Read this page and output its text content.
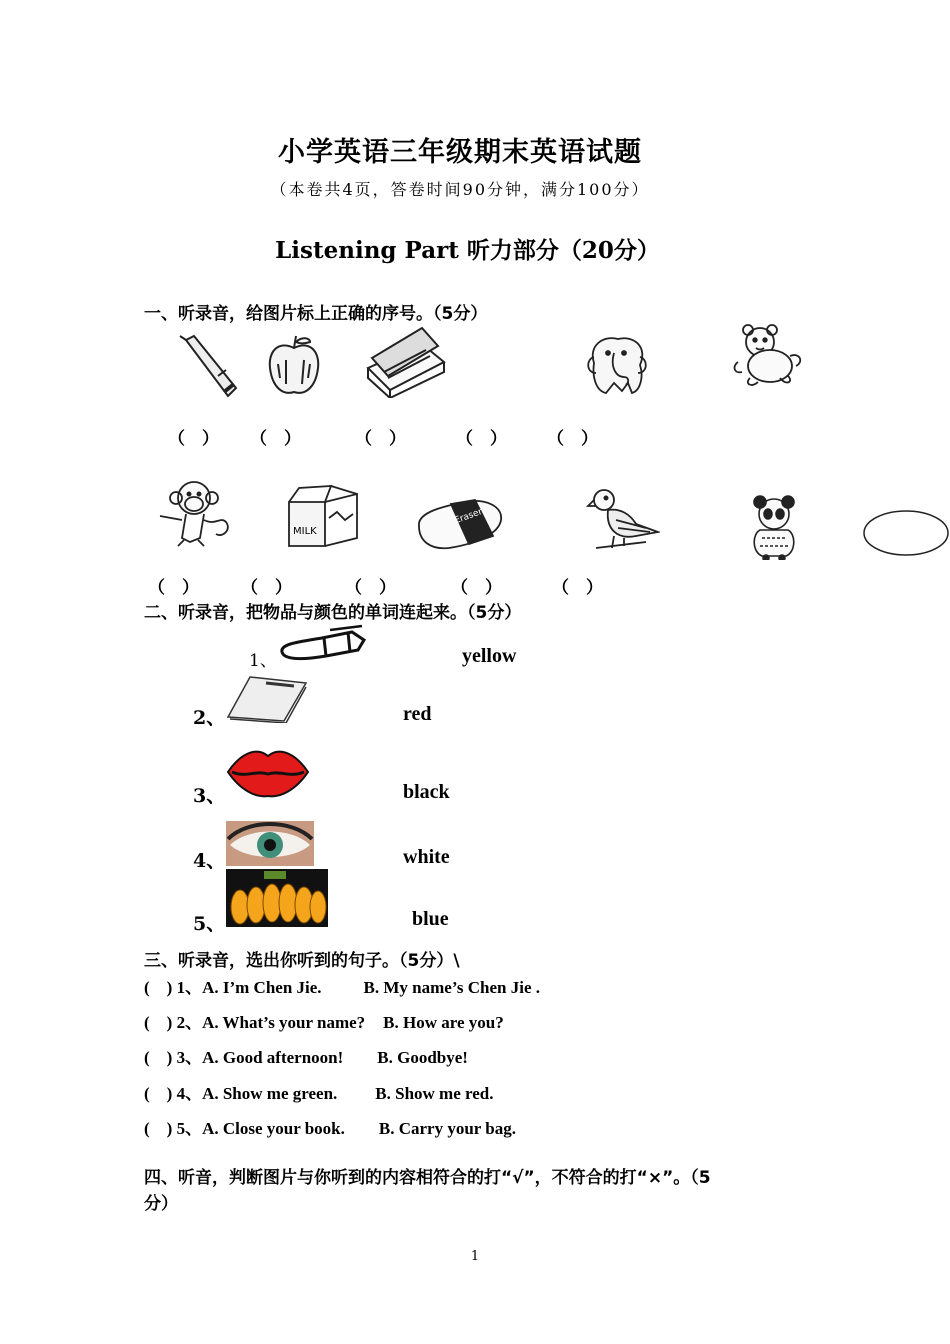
小学英语三年级期末英语试题
（本卷共4页，答卷时间90分钟，满分100分）
Listening Part 听力部分（20分）
一、听录音，给图片标上正确的序号。（5分）
（　） （　）	（　）	（　） （　）
MILK
Eraser
（　） （　）	（　）	（　）	（　）
二、听录音，把物品与颜色的单词连起来。（5分）
1、	yellow
2、	red
3、	black
4、	white
5、	blue
三、听录音，选出你听到的句子。（5分）\
(　) 1、A. I’m Chen Jie. B. My name’s Chen Jie .
(　) 2、A. What’s your name? B. How are you?
(　) 3、A. Good afternoon! B. Goodbye!
(　) 4、A. Show me green. B. Show me red.
(　) 5、A. Close your book. B. Carry your bag.
四、听音，判断图片与你听到的内容相符合的打“√”，不符合的打“×”。（5
分）
1
